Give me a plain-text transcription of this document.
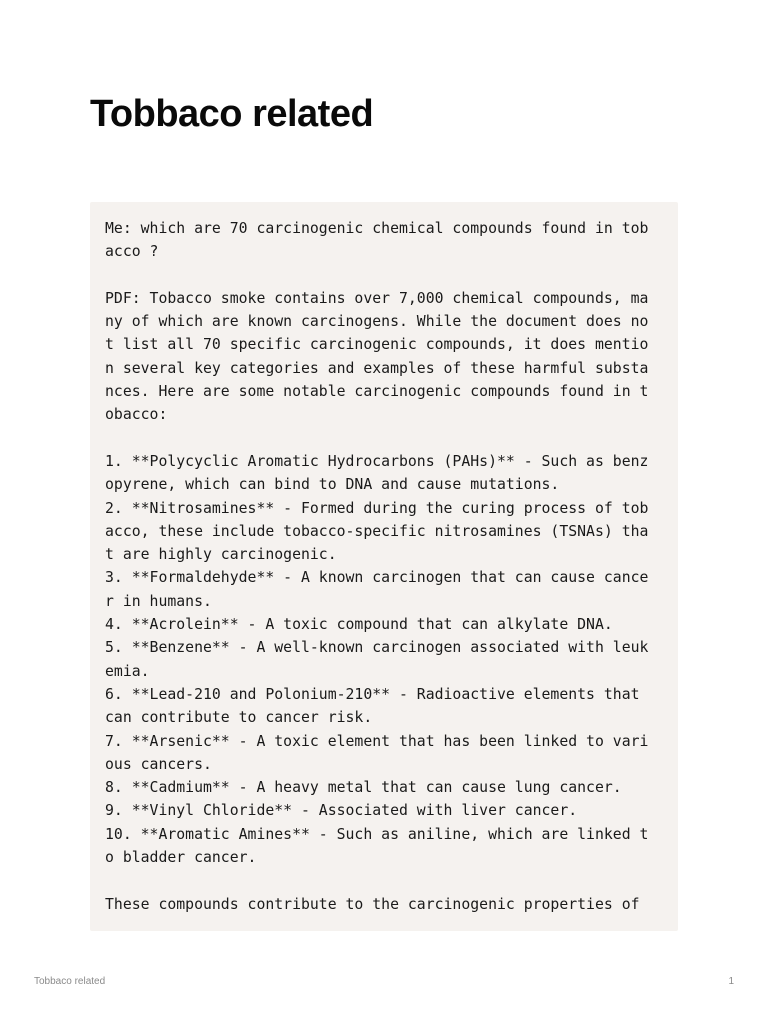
Tobbaco related
Me: which are 70 carcinogenic chemical compounds found in tob
acco ?

PDF: Tobacco smoke contains over 7,000 chemical compounds, ma
ny of which are known carcinogens. While the document does no
t list all 70 specific carcinogenic compounds, it does mentio
n several key categories and examples of these harmful substa
nces. Here are some notable carcinogenic compounds found in t
obacco:

1. **Polycyclic Aromatic Hydrocarbons (PAHs)** - Such as benz
opyrene, which can bind to DNA and cause mutations.
2. **Nitrosamines** - Formed during the curing process of tob
acco, these include tobacco-specific nitrosamines (TSNAs) tha
t are highly carcinogenic.
3. **Formaldehyde** - A known carcinogen that can cause cance
r in humans.
4. **Acrolein** - A toxic compound that can alkylate DNA.
5. **Benzene** - A well-known carcinogen associated with leuk
emia.
6. **Lead-210 and Polonium-210** - Radioactive elements that
can contribute to cancer risk.
7. **Arsenic** - A toxic element that has been linked to vari
ous cancers.
8. **Cadmium** - A heavy metal that can cause lung cancer.
9. **Vinyl Chloride** - Associated with liver cancer.
10. **Aromatic Amines** - Such as aniline, which are linked t
o bladder cancer.

These compounds contribute to the carcinogenic properties of
Tobbaco related	1
